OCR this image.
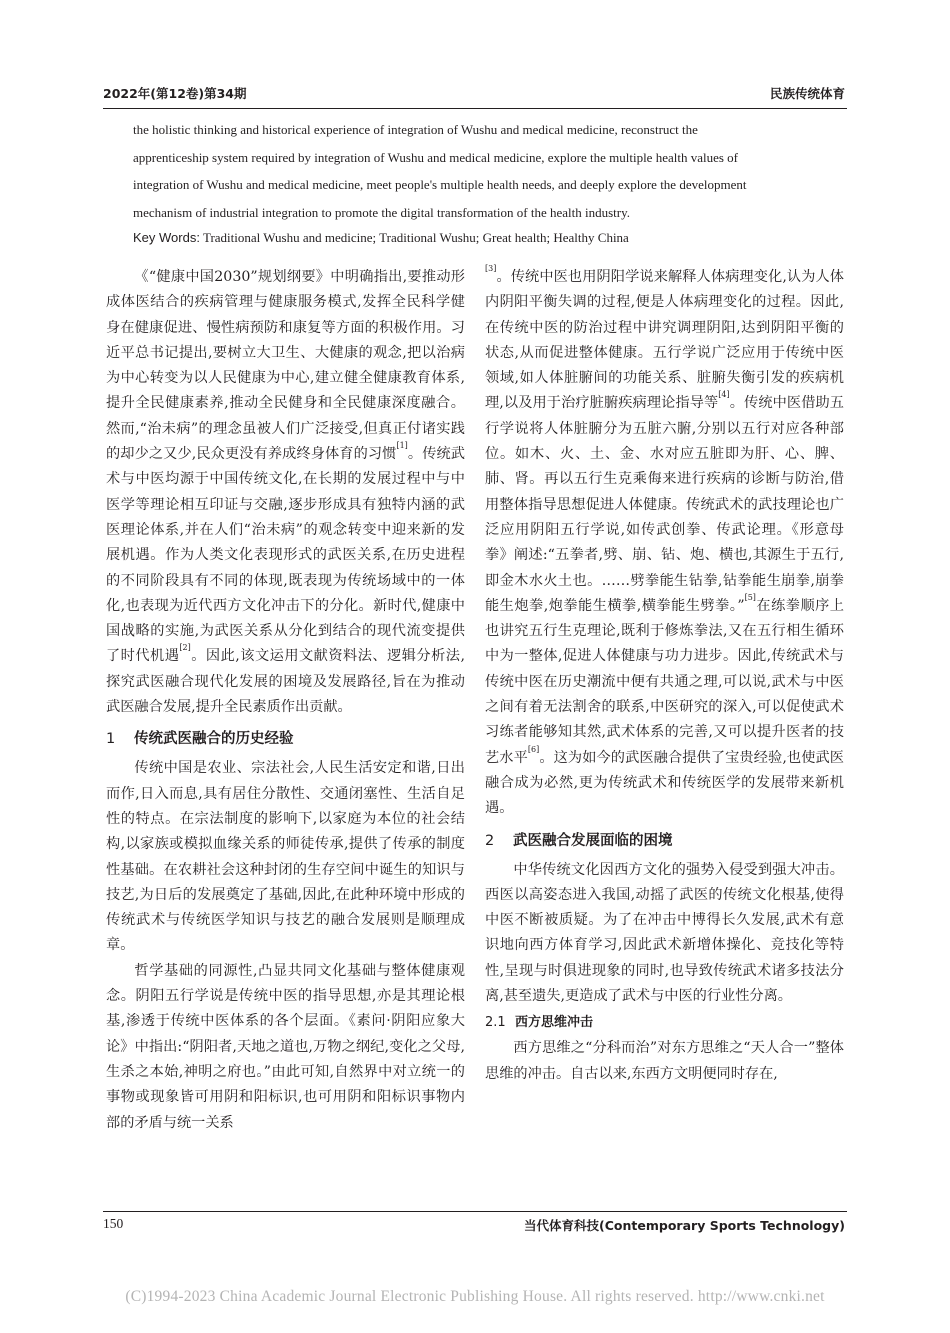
2022年(第12卷)第34期	民族传统体育
the holistic thinking and historical experience of integration of Wushu and medical medicine, reconstruct the
apprenticeship system required by integration of Wushu and medical medicine, explore the multiple health values of
integration of Wushu and medical medicine, meet people's multiple health needs, and deeply explore the development
mechanism of industrial integration to promote the digital transformation of the health industry.
Key Words: Traditional Wushu and medicine; Traditional Wushu; Great health; Healthy China

《“健康中国2030”规划纲要》中明确指出,要推动形成体医结合的疾病管理与健康服务模式,发挥全民科学健身在健康促进、慢性病预防和康复等方面的积极作用。习近平总书记提出,要树立大卫生、大健康的观念,把以治病为中心转变为以人民健康为中心,建立健全健康教育体系,提升全民健康素养,推动全民健身和全民健康深度融合。然而,“治未病”的理念虽被人们广泛接受,但真正付诸实践的却少之又少,民众更没有养成终身体育的习惯[1]。传统武术与中医均源于中国传统文化,在长期的发展过程中与中医学等理论相互印证与交融,逐步形成具有独特内涵的武医理论体系,并在人们“治未病”的观念转变中迎来新的发展机遇。作为人类文化表现形式的武医关系,在历史进程的不同阶段具有不同的体现,既表现为传统场域中的一体化,也表现为近代西方文化冲击下的分化。新时代,健康中国战略的实施,为武医关系从分化到结合的现代流变提供了时代机遇[2]。因此,该文运用文献资料法、逻辑分析法,探究武医融合现代化发展的困境及发展路径,旨在为推动武医融合发展,提升全民素质作出贡献。

1 传统武医融合的历史经验

传统中国是农业、宗法社会,人民生活安定和谐,日出而作,日入而息,具有居住分散性、交通闭塞性、生活自足性的特点。在宗法制度的影响下,以家庭为本位的社会结构,以家族或模拟血缘关系的师徒传承,提供了传承的制度性基础。在农耕社会这种封闭的生存空间中诞生的知识与技艺,为日后的发展奠定了基础,因此,在此种环境中形成的传统武术与传统医学知识与技艺的融合发展则是顺理成章。

哲学基础的同源性,凸显共同文化基础与整体健康观念。阴阳五行学说是传统中医的指导思想,亦是其理论根基,渗透于传统中医体系的各个层面。《素问·阴阳应象大论》中指出:“阴阳者,天地之道也,万物之纲纪,变化之父母,生杀之本始,神明之府也。”由此可知,自然界中对立统一的事物或现象皆可用阴和阳标识,也可用阴和阳标识事物内部的矛盾与统一关系

[3]。传统中医也用阴阳学说来解释人体病理变化,认为人体内阴阳平衡失调的过程,便是人体病理变化的过程。因此,在传统中医的防治过程中讲究调理阴阳,达到阴阳平衡的状态,从而促进整体健康。五行学说广泛应用于传统中医领域,如人体脏腑间的功能关系、脏腑失衡引发的疾病机理,以及用于治疗脏腑疾病理论指导等[4]。传统中医借助五行学说将人体脏腑分为五脏六腑,分别以五行对应各种部位。如木、火、土、金、水对应五脏即为肝、心、脾、肺、肾。再以五行生克乘侮来进行疾病的诊断与防治,借用整体指导思想促进人体健康。传统武术的武技理论也广泛应用阴阳五行学说,如传武创拳、传武论理。《形意母拳》阐述:“五拳者,劈、崩、钻、炮、横也,其源生于五行,即金木水火土也。……劈拳能生钻拳,钻拳能生崩拳,崩拳能生炮拳,炮拳能生横拳,横拳能生劈拳。”[5]在练拳顺序上也讲究五行生克理论,既利于修炼拳法,又在五行相生循环中为一整体,促进人体健康与功力进步。因此,传统武术与传统中医在历史潮流中便有共通之理,可以说,武术与中医之间有着无法割舍的联系,中医研究的深入,可以促使武术习练者能够知其然,武术体系的完善,又可以提升医者的技艺水平[6]。这为如今的武医融合提供了宝贵经验,也使武医融合成为必然,更为传统武术和传统医学的发展带来新机遇。

2 武医融合发展面临的困境

中华传统文化因西方文化的强势入侵受到强大冲击。西医以高姿态进入我国,动摇了武医的传统文化根基,使得中医不断被质疑。为了在冲击中博得长久发展,武术有意识地向西方体育学习,因此武术新增体操化、竞技化等特性,呈现与时俱进现象的同时,也导致传统武术诸多技法分离,甚至遗失,更造成了武术与中医的行业性分离。

2.1 西方思维冲击

西方思维之“分科而治”对东方思维之“天人合一”整体思维的冲击。自古以来,东西方文明便同时存在,

150	当代体育科技(Contemporary Sports Technology)
(C)1994-2023 China Academic Journal Electronic Publishing House. All rights reserved. http://www.cnki.net
